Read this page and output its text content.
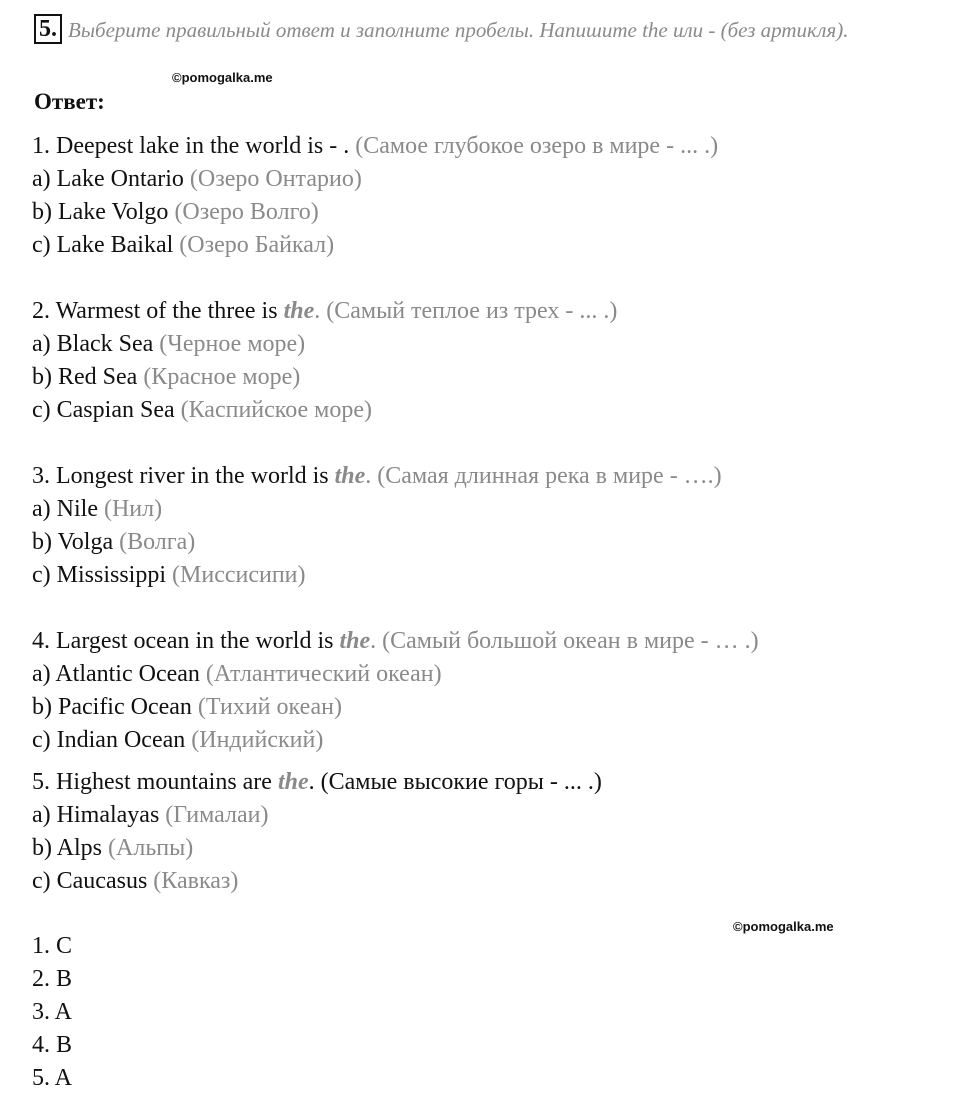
5. Выберите правильный ответ и заполните пробелы. Напишите the или - (без артикля).
©pomogalka.me
Ответ:
1. Deepest lake in the world is - . (Самое глубокое озеро в мире - ... .)
a) Lake Ontario (Озеро Онтарио)
b) Lake Volgo (Озеро Волго)
c) Lake Baikal (Озеро Байкал)
2. Warmest of the three is the. (Самый теплое из трех - ... .)
a) Black Sea (Черное море)
b) Red Sea (Красное море)
c) Caspian Sea (Каспийское море)
3. Longest river in the world is the. (Самая длинная река в мире - ….)
a) Nile (Нил)
b) Volga (Волга)
c) Mississippi (Миссисипи)
4. Largest ocean in the world is the. (Самый большой океан в мире - … .)
a) Atlantic Ocean (Атлантический океан)
b) Pacific Ocean (Тихий океан)
c) Indian Ocean (Индийский)
5. Highest mountains are the. (Самые высокие горы - ... .)
a) Himalayas (Гималаи)
b) Alps (Альпы)
c) Caucasus (Кавказ)
©pomogalka.me
1. C
2. B
3. A
4. B
5. A
